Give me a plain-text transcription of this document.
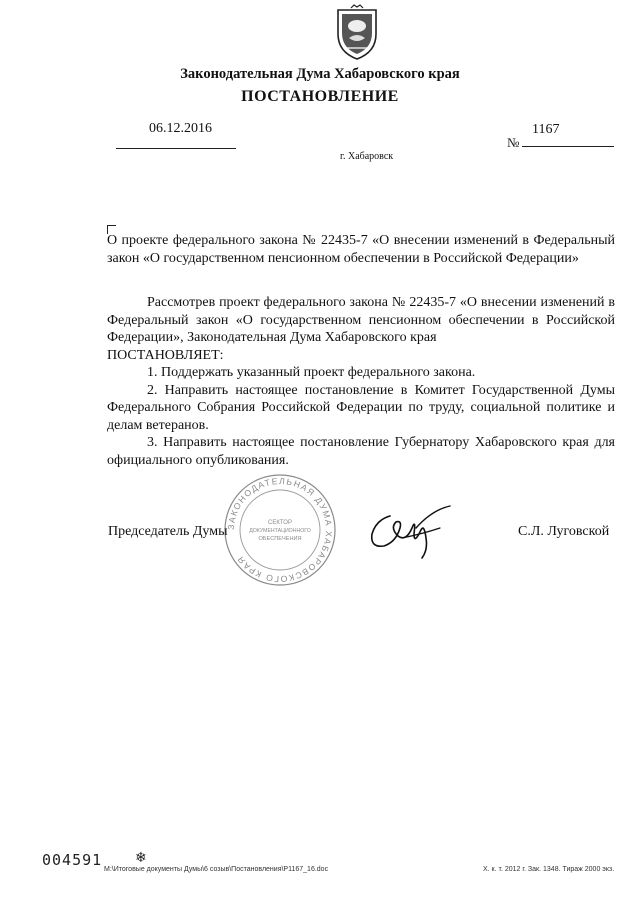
Законодательная Дума Хабаровского края
ПОСТАНОВЛЕНИЕ
06.12.2016	1167
№
г. Хабаровск
О проекте федерального закона № 22435-7 «О внесении изменений в Федеральный закон «О государственном пенсионном обеспечении в Российской Федерации»

Рассмотрев проект федерального закона № 22435-7 «О внесении изменений в Федеральный закон «О государственном пенсионном обеспечении в Российской Федерации», Законодательная Дума Хабаровского края

ПОСТАНОВЛЯЕТ:

1. Поддержать указанный проект федерального закона.

2. Направить настоящее постановление в Комитет Государственной Думы Федерального Собрания Российской Федерации по труду, социальной политике и делам ветеранов.

3. Направить настоящее постановление Губернатору Хабаровского края для официального опубликования.

ЗАКОНОДАТЕЛЬНАЯ ДУМА ХАБАРОВСКОГО КРАЯ
СЕКТОР
ДОКУМЕНТАЦИОННОГО
ОБЕСПЕЧЕНИЯ
Председатель Думы	С.Л. Луговской
004591 ❄
M:\Итоговые документы Думы\6 созыв\Постановления\P1167_16.doc	Х. к. т. 2012 г. Зак. 1348. Тираж 2000 экз.
